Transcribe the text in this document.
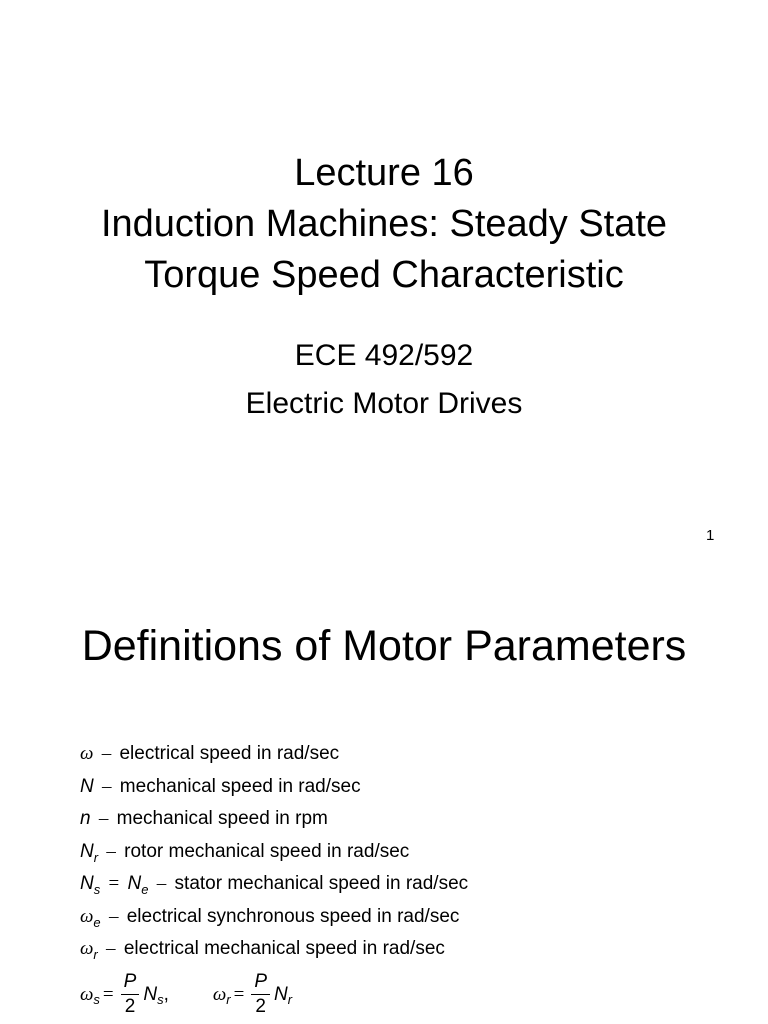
Lecture 16
Induction Machines: Steady State
Torque Speed Characteristic
ECE 492/592
Electric Motor Drives
1
Definitions of Motor Parameters
ω – electrical speed in rad/sec
N – mechanical speed in rad/sec
n – mechanical speed in rpm
$N_r$ – rotor mechanical speed in rad/sec
$N_s = N_e$ – stator mechanical speed in rad/sec
$\omega_e$ – electrical synchronous speed in rad/sec
$\omega_r$ – electrical mechanical speed in rad/sec
ω $s = \frac{P}{2}$ N s , ω $r = \frac{P}{2}$ N r
